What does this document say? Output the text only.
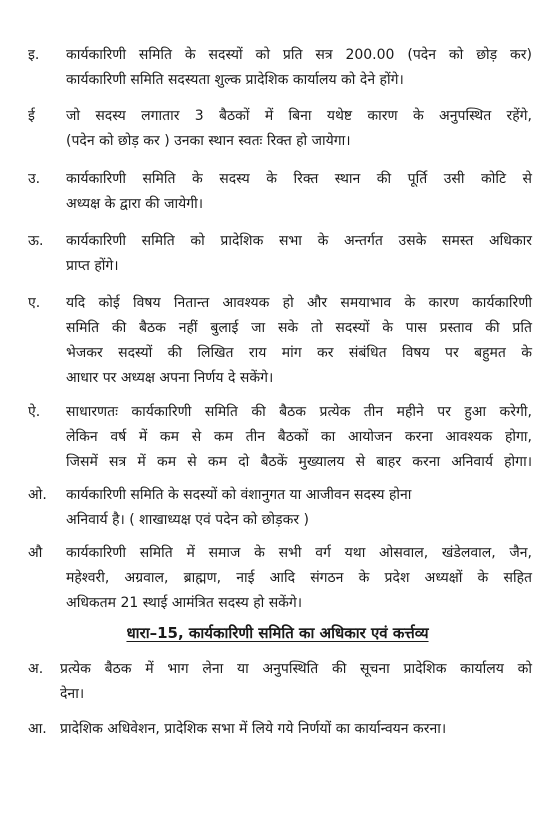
इ. कार्यकारिणी समिति के सदस्यों को प्रति सत्र 200.00 (पदेन को छोड़ कर)
कार्यकारिणी समिति सदस्यता शुल्क प्रादेशिक कार्यालय को देने होंगे।
ई जो सदस्य लगातार 3 बैठकों में बिना यथेष्ट कारण के अनुपस्थित रहेंगे,
(पदेन को छोड़ कर ) उनका स्थान स्वतः रिक्त हो जायेगा।
उ. कार्यकारिणी समिति के सदस्य के रिक्त स्थान की पूर्ति उसी कोटि से
अध्यक्ष के द्वारा की जायेगी।
ऊ. कार्यकारिणी समिति को प्रादेशिक सभा के अन्तर्गत उसके समस्त अधिकार
प्राप्त होंगे।
ए. यदि कोई विषय नितान्त आवश्यक हो और समयाभाव के कारण कार्यकारिणी
समिति की बैठक नहीं बुलाई जा सके तो सदस्यों के पास प्रस्ताव की प्रति
भेजकर सदस्यों की लिखित राय मांग कर संबंधित विषय पर बहुमत के
आधार पर अध्यक्ष अपना निर्णय दे सकेंगे।
ऐ. साधारणतः कार्यकारिणी समिति की बैठक प्रत्येक तीन महीने पर हुआ करेगी,
लेकिन वर्ष में कम से कम तीन बैठकों का आयोजन करना आवश्यक होगा,
जिसमें सत्र में कम से कम दो बैठकें मुख्यालय से बाहर करना अनिवार्य होगा।
ओ. कार्यकारिणी समिति के सदस्यों को वंशानुगत या आजीवन सदस्य होना
अनिवार्य है। ( शाखाध्यक्ष एवं पदेन को छोड़कर )
औ कार्यकारिणी समिति में समाज के सभी वर्ग यथा ओसवाल, खंडेलवाल, जैन,
महेश्वरी, अग्रवाल, ब्राह्मण, नाई आदि संगठन के प्रदेश अध्यक्षों के सहित
अधिकतम 21 स्थाई आमंत्रित सदस्य हो सकेंगे।
धारा–15, कार्यकारिणी समिति का अधिकार एवं कर्त्तव्य
अ. प्रत्येक बैठक में भाग लेना या अनुपस्थिति की सूचना प्रादेशिक कार्यालय को
देना।
आ. प्रादेशिक अधिवेशन, प्रादेशिक सभा में लिये गये निर्णयों का कार्यान्वयन करना।
